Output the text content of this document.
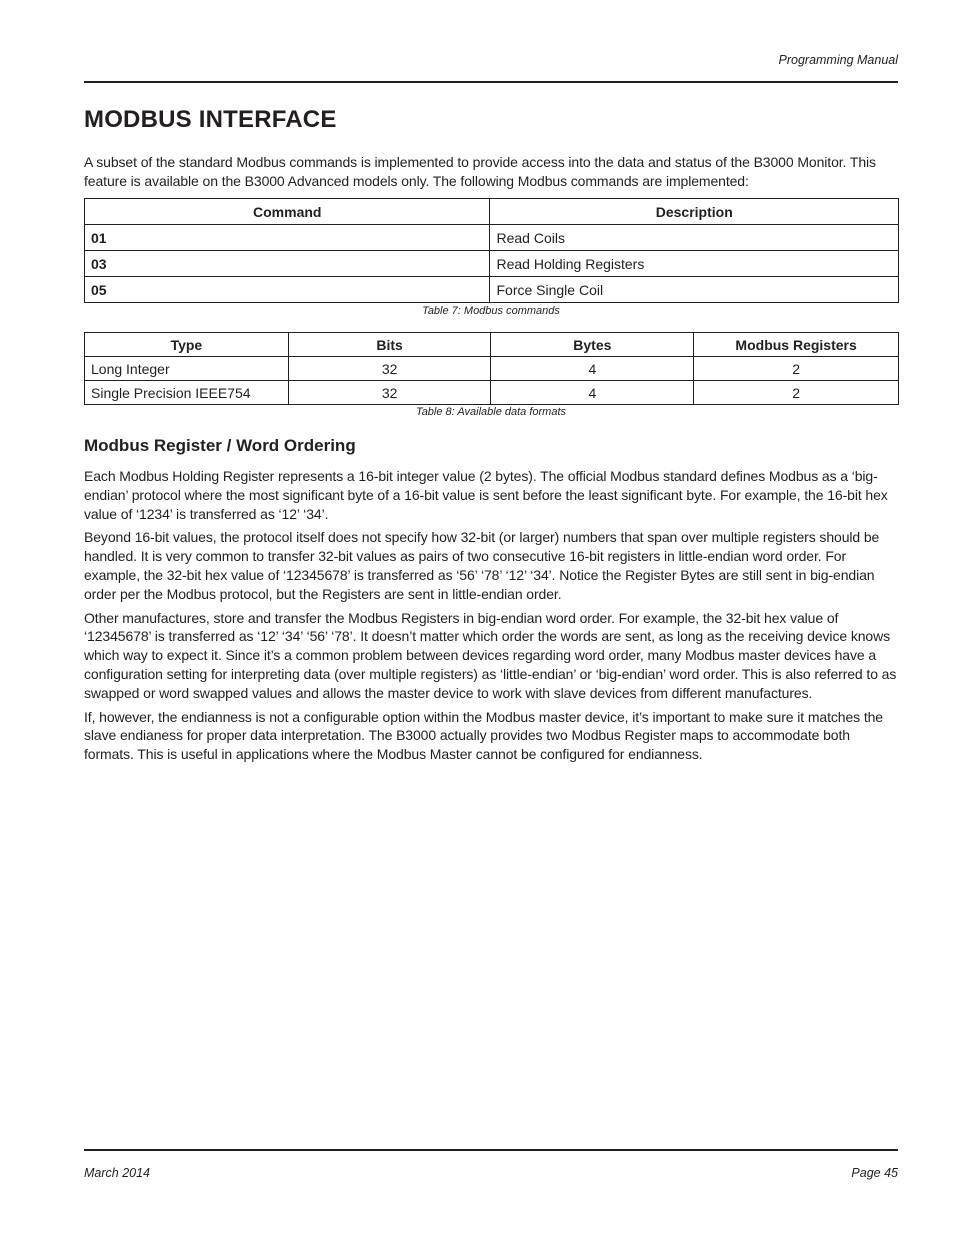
Programming Manual
MODBUS INTERFACE

A subset of the standard Modbus commands is implemented to provide access into the data and status of the B3000 Monitor. This feature is available on the B3000 Advanced models only. The following Modbus commands are implemented:

Command	Description
01	Read Coils
03	Read Holding Registers
05	Force Single Coil
Table 7: Modbus commands
Type	Bits	Bytes	Modbus Registers
Long Integer	32	4	2
Single Precision IEEE754	32	4	2
Table 8: Available data formats
Modbus Register / Word Ordering

Each Modbus Holding Register represents a 16-bit integer value (2 bytes). The official Modbus standard defines Modbus as a ‘big-endian’ protocol where the most significant byte of a 16-bit value is sent before the least significant byte. For example, the 16-bit hex value of ‘1234’ is transferred as ‘12’ ‘34’.

Beyond 16-bit values, the protocol itself does not specify how 32-bit (or larger) numbers that span over multiple registers should be handled. It is very common to transfer 32-bit values as pairs of two consecutive 16-bit registers in little-endian word order. For example, the 32-bit hex value of ‘12345678’ is transferred as ‘56’ ‘78’ ‘12’ ‘34’. Notice the Register Bytes are still sent in big-endian order per the Modbus protocol, but the Registers are sent in little-endian order.

Other manufactures, store and transfer the Modbus Registers in big-endian word order. For example, the 32-bit hex value of ‘12345678’ is transferred as ‘12’ ‘34’ ‘56’ ‘78’. It doesn’t matter which order the words are sent, as long as the receiving device knows which way to expect it. Since it’s a common problem between devices regarding word order, many Modbus master devices have a configuration setting for interpreting data (over multiple registers) as ‘little-endian’ or ‘big-endian’ word order. This is also referred to as swapped or word swapped values and allows the master device to work with slave devices from different manufactures.

If, however, the endianness is not a configurable option within the Modbus master device, it’s important to make sure it matches the slave endianess for proper data interpretation. The B3000 actually provides two Modbus Register maps to accommodate both formats. This is useful in applications where the Modbus Master cannot be configured for endianness.

March 2014	Page 45
